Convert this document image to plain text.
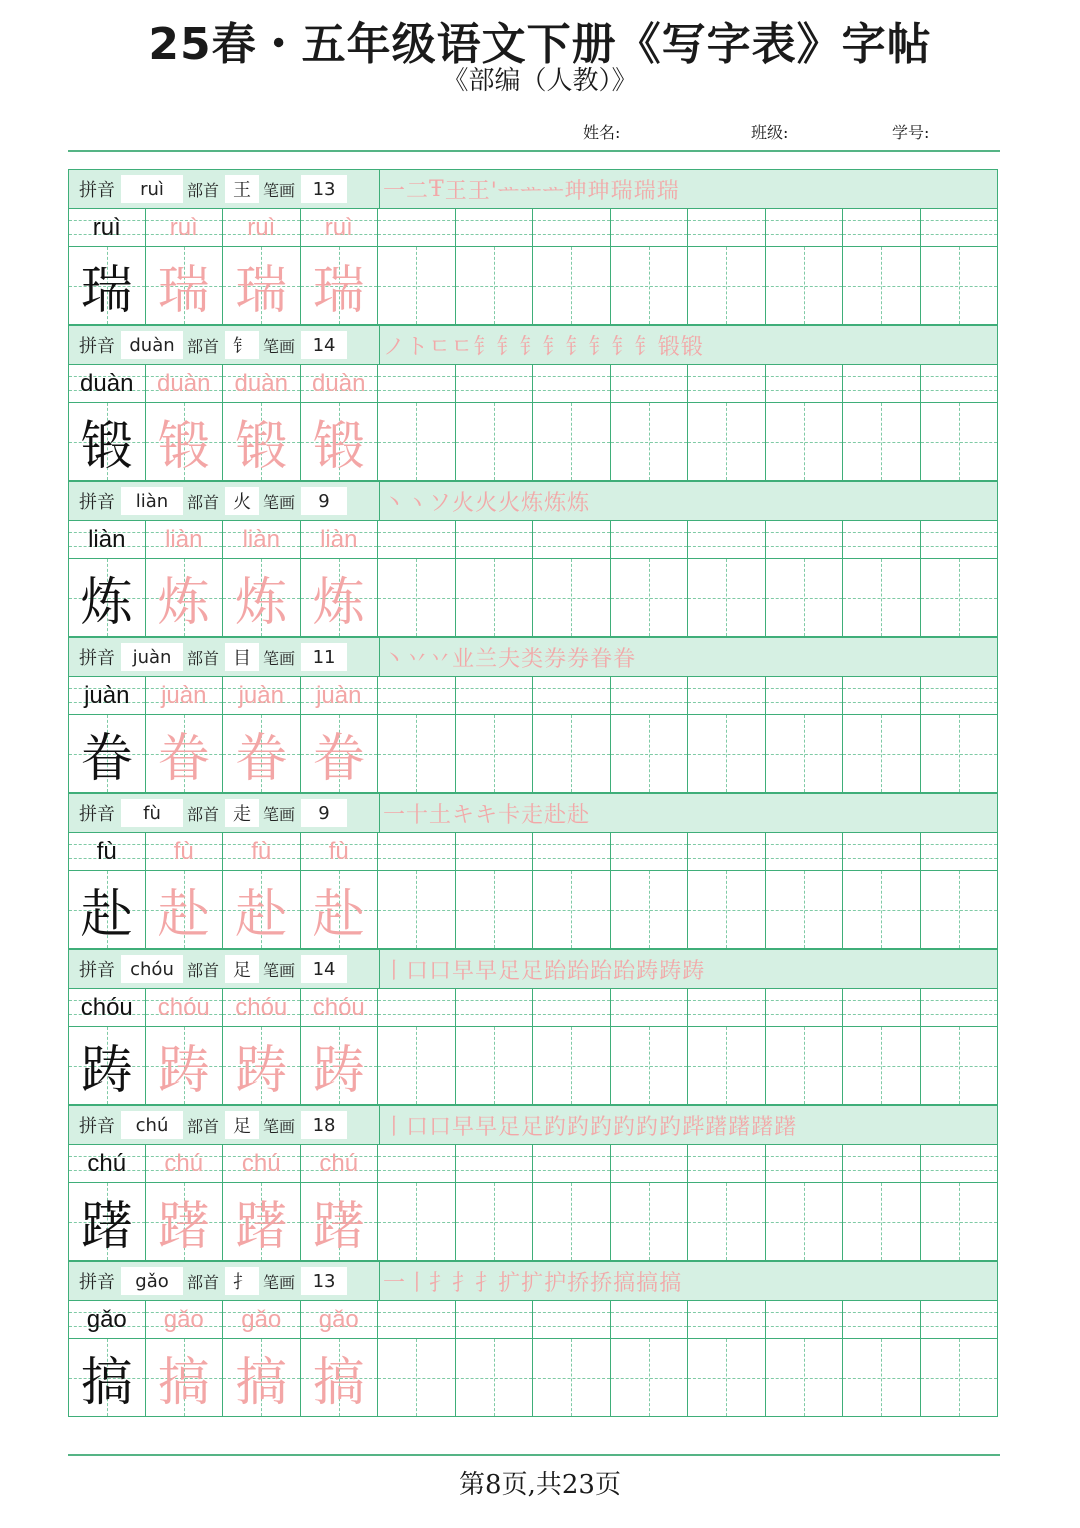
25春・五年级语文下册《写字表》字帖
《部编（人教）》
姓名:	班级:	学号:
拼音	ruì	部首 王 笔画 13	一 二 Ŧ 王 王' ᅭ ᅭ ᅭ 珅 珅 瑞 瑞 瑞
ruì
瑞
ruì
瑞
ruì
瑞
ruì
瑞
拼音 duàn 部首 钅 笔画 14	ノ ト ㄷ ㄷ 钅 钅 钅 钅 钅 钅 钅 钅 锻 锻
duàn
锻
duàn
锻
duàn
锻
duàn
锻
拼音	liàn	部首 火 笔画	9	丶 ヽ ソ 火 火 火 炼 炼 炼
liàn
炼
liàn
炼
liàn
炼
liàn
炼
拼音 juàn 部首 目 笔画 11	丶 丷 丷 业 兰 夫 类 券 券 眷 眷
juàn
眷
juàn
眷
juàn
眷
juàn
眷
拼音	fù	部首 走 笔画	9	一 十 土 キ キ 卡 走 赴 赴
fù
赴
fù
赴
fù
赴
fù
赴
拼音 chóu 部首 足 笔画 14	丨 口 口 早 早 足 足 跆 跆 跆 跆 踌 踌 踌
chóu
踌
chóu
踌
chóu
踌
chóu
踌
拼音	chú	部首 足 笔画 18	丨 口 口 早 早 足 足 趵 趵 趵 趵 趵 趵 跸 躇 躇 躇 躇
chú
躇
chú
躇
chú
躇
chú
躇
拼音	gǎo	部首 扌 笔画 13	一 丨 扌 扌 扌 扩 扩 护 挢 挢 搞 搞 搞
gǎo
搞
gǎo
搞
gǎo
搞
gǎo
搞
第8页,共23页
